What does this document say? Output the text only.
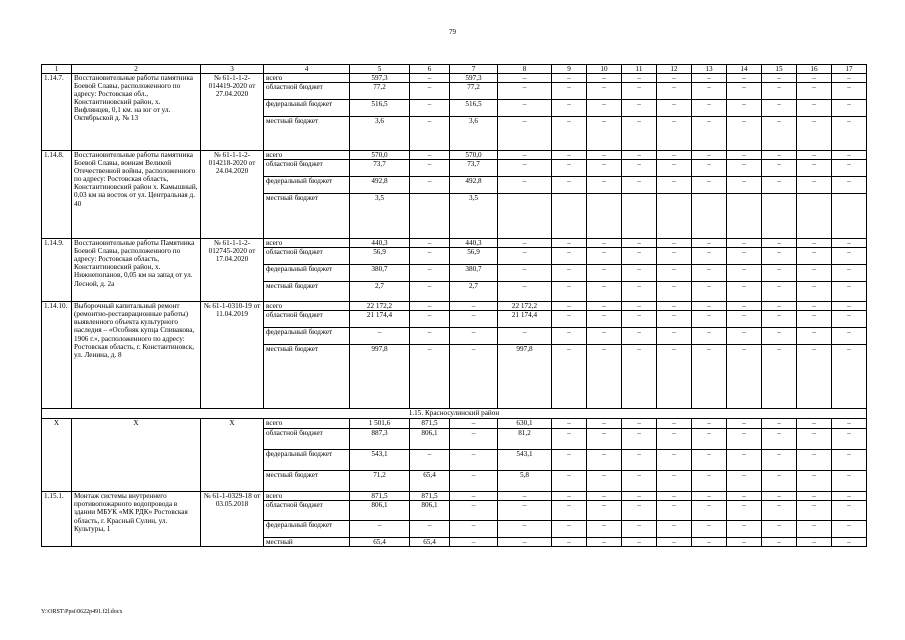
79
1	2	3	4	5	6	7	8	9	10	11	12	13	14	15	16	17
1.14.7.	Восстановительные работы памятника Боевой Славы, расположенного по адресу: Ростовская обл., Константиновский район, х. Вифлянцев, 0,1 км. на юг от ул. Октябрьской д. № 13	№ 61-1-1-2-014419-2020 от 27.04.2020	всего	597,3	–	597,3	–	–	–	–	–	–	–	–	–	–
			областной бюджет	77,2	–	77,2	–	–	–	–	–	–	–	–	–	–
			федеральный бюджет	516,5	–	516,5	–	–	–	–	–	–	–	–	–	–
			местный бюджет	3,6	–	3,6	–	–	–	–	–	–	–	–	–	–
1.14.8.	Восстановительные работы памятника Боевой Славы, воинам Великой Отечественной войны, расположенного по адресу: Ростовская область, Константиновский район х. Камышный, 0,03 км на восток от ул. Центральная д. 40	№ 61-1-1-2-014218-2020 от 24.04.2020	всего	570,0	–	570,0	–	–	–	–	–	–	–	–	–	–
			областной бюджет	73,7	–	73,7	–	–	–	–	–	–	–	–	–	–
			федеральный бюджет	492,8	–	492,8	–	–	–	–	–	–	–	–	–	–
			местный бюджет	3,5		3,5										
1.14.9.	Восстановительные работы Памятника Боевой Славы, расположенного по адресу: Ростовская область, Константиновский район, х. Нижнепопанов, 0,05 км на запад от ул. Лесной, д. 2а	№ 61-1-1-2-012745-2020 от 17.04.2020	всего	440,3	–	440,3	–	–	–	–	–	–	–	–	–	–
			областной бюджет	56,9	–	56,9	–	–	–	–	–	–	–	–	–	–
			федеральный бюджет	380,7	–	380,7	–	–	–	–	–	–	–	–	–	–
			местный бюджет	2,7	–	2,7	–	–	–	–	–	–	–	–	–	–
1.14.10.	Выборочный капитальный ремонт (ремонтно-реставрационные работы) выявленного объекта культурного наследия – «Особняк купца Спивакова, 1906 г.», расположенного по адресу: Ростовская область, г. Константиновск, ул. Ленина, д. 8	№ 61-1-0310-19 от 11.04.2019	всего	22 172,2	–	–	22 172,2	–	–	–	–	–	–	–	–	–
			областной бюджет	21 174,4	–	–	21 174,4	–	–	–	–	–	–	–	–	–
			федеральный бюджет	–	–	–	–	–	–	–	–	–	–	–	–	–
			местный бюджет	997,8	–	–	997,8	–	–	–	–	–	–	–	–	–
1.15. Красносулинский район																
Х	Х	Х	всего	1 501,6	871,5	–	630,1	–	–	–	–	–	–	–	–	–
			областной бюджет	887,3	806,1	–	81,2	–	–	–	–	–	–	–	–	–
			федеральный бюджет	543,1	–	–	543,1	–	–	–	–	–	–	–	–	–
			местный бюджет	71,2	65,4	–	5,8	–	–	–	–	–	–	–	–	–
1.15.1.	Монтаж системы внутреннего противопожарного водопровода в здании МБУК «МК РДК» Ростовская область, г. Красный Сулин, ул. Культуры, 1	№ 61-1-0329-18 от 03.05.2018	всего	871,5	871,5	–	–	–	–	–	–	–	–	–	–	–
			областной бюджет	806,1	806,1	–	–	–	–	–	–	–	–	–	–	–
			федеральный бюджет	–	–	–	–	–	–	–	–	–	–	–	–	–
			местный	65,4	65,4	–	–	–	–	–	–	–	–	–	–	–
Y:\ORST\Ppsi\0622p491.f2l.docx
